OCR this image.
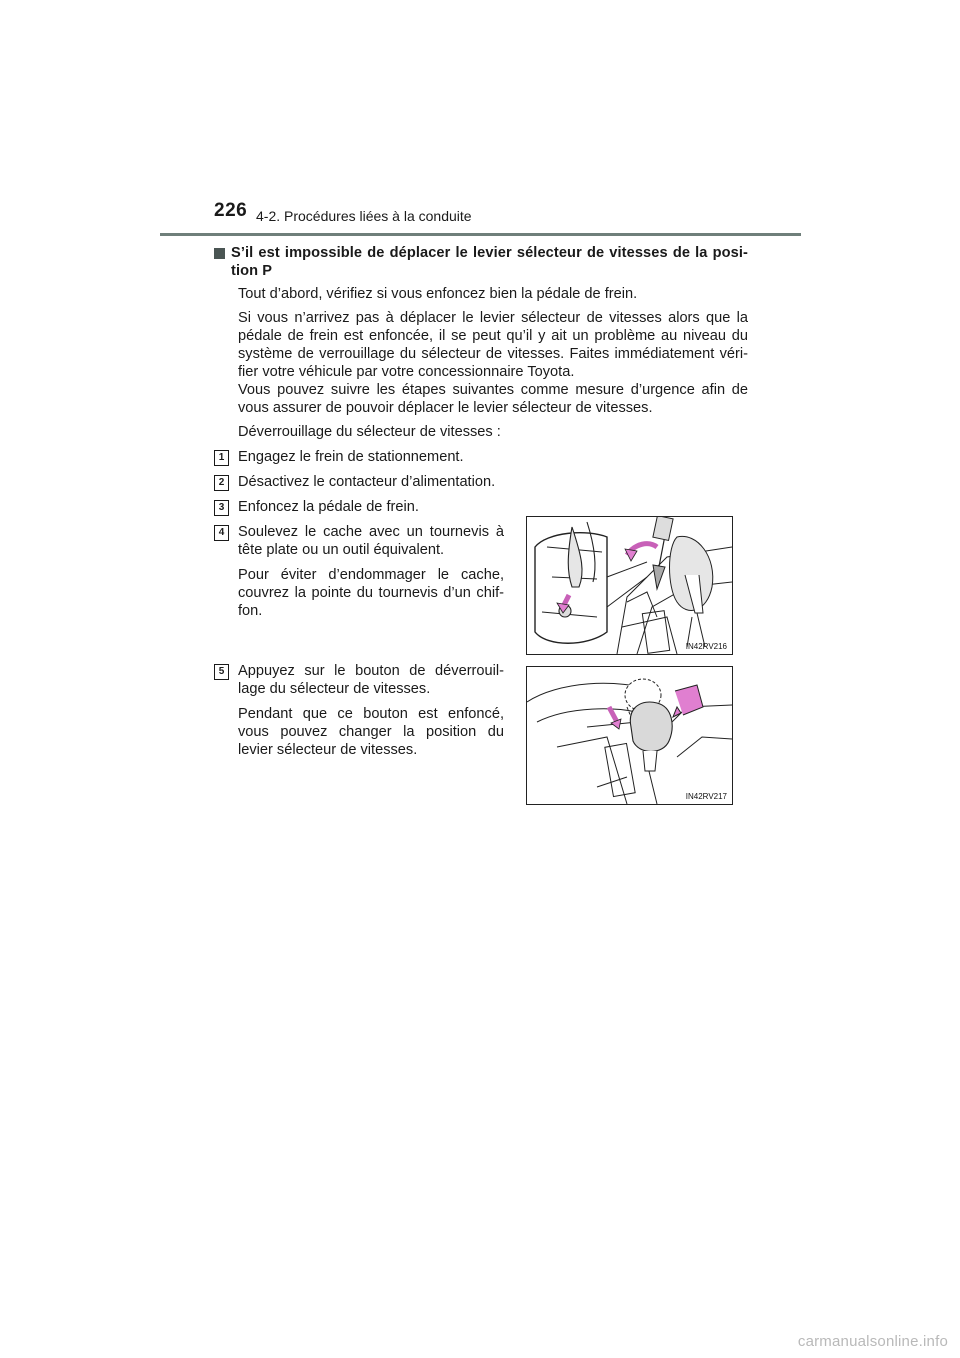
226 4-2. Procédures liées à la conduite
S’il est impossible de déplacer le levier sélecteur de vitesses de la posi-tion P

Tout d’abord, vérifiez si vous enfoncez bien la pédale de frein.

Si vous n’arrivez pas à déplacer le levier sélecteur de vitesses alors que la pédale de frein est enfoncée, il se peut qu’il y ait un problème au niveau du système de verrouillage du sélecteur de vitesses. Faites immédiatement véri-fier votre véhicule par votre concessionnaire Toyota.
Vous pouvez suivre les étapes suivantes comme mesure d’urgence afin de vous assurer de pouvoir déplacer le levier sélecteur de vitesses.

Déverrouillage du sélecteur de vitesses :

1 Engagez le frein de stationnement.
2 Désactivez le contacteur d’alimentation.
3 Enfoncez la pédale de frein.
4 Soulevez le cache avec un tournevis à tête plate ou un outil équivalent.
Pour éviter d’endommager le cache, couvrez la pointe du tournevis d’un chif-fon.
5 Appuyez sur le bouton de déverrouil-lage du sélecteur de vitesses.
Pendant que ce bouton est enfoncé, vous pouvez changer la position du levier sélecteur de vitesses.
IN42RV216
IN42RV217
carmanualsonline.info
